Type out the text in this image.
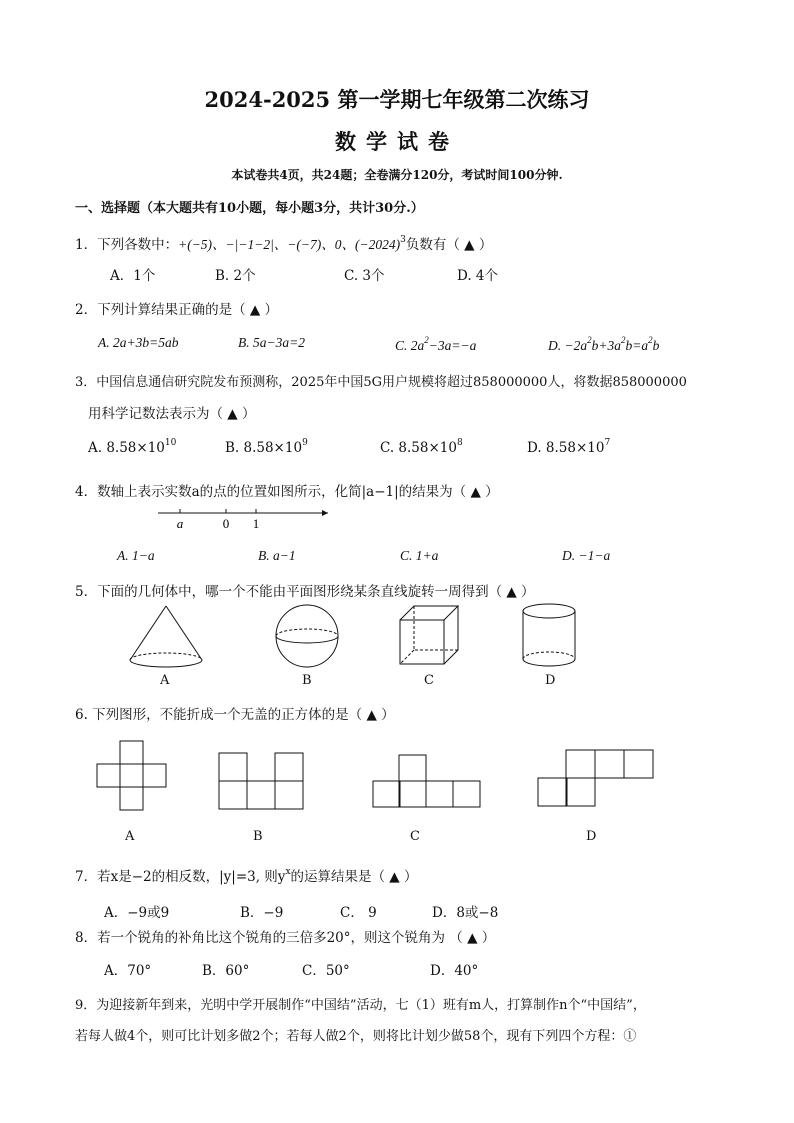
2024-2025 第一学期七年级第二次练习
数学试卷
本试卷共4页，共24题；全卷满分120分，考试时间100分钟.
一、选择题（本大题共有10小题，每小题3分，共计30分.）
1．下列各数中：+(−5)、−|−1−2|、−(−7)、0、$(-2024)^3$负数有（ ▲ ）
A．1个	B. 2个	C. 3个	D. 4个
2．下列计算结果正确的是（ ▲ ）
A. 2a+3b=5ab	B. 5a−3a=2	C. $2a^2-3a=-a$	D. $-2a^2b+3a^2b=a^2b$
3．中国信息通信研究院发布预测称，2025年中国5G用户规模将超过858000000人，将数据858000000
用科学记数法表示为（ ▲ ）
A. $8.58\times 10^{10}$	B. $8.58\times 10^9$	C. $8.58\times 10^8$	D. $8.58\times 10^7$
4．数轴上表示实数a的点的位置如图所示，化简|a−1|的结果为（ ▲ ）
a	0 1
A. 1−a	B. a−1	C. 1+a	D. −1−a
5．下面的几何体中，哪一个不能由平面图形绕某条直线旋转一周得到（ ▲ ）
A	B	C	D
6. 下列图形，不能折成一个无盖的正方体的是（ ▲ ）
A	B	C	D
7．若x是−2的相反数，|y|=3, 则$y^x$的运算结果是（ ▲ ）
A．−9或9	B．−9	C． 9	D．8或−8
8．若一个锐角的补角比这个锐角的三倍多20°，则这个锐角为 （ ▲ ）
A．70°	B．60°	C．50°	D．40°
9．为迎接新年到来，光明中学开展制作“中国结”活动，七（1）班有m人，打算制作n个“中国结”，
若每人做4个，则可比计划多做2个；若每人做2个，则将比计划少做58个，现有下列四个方程：①
